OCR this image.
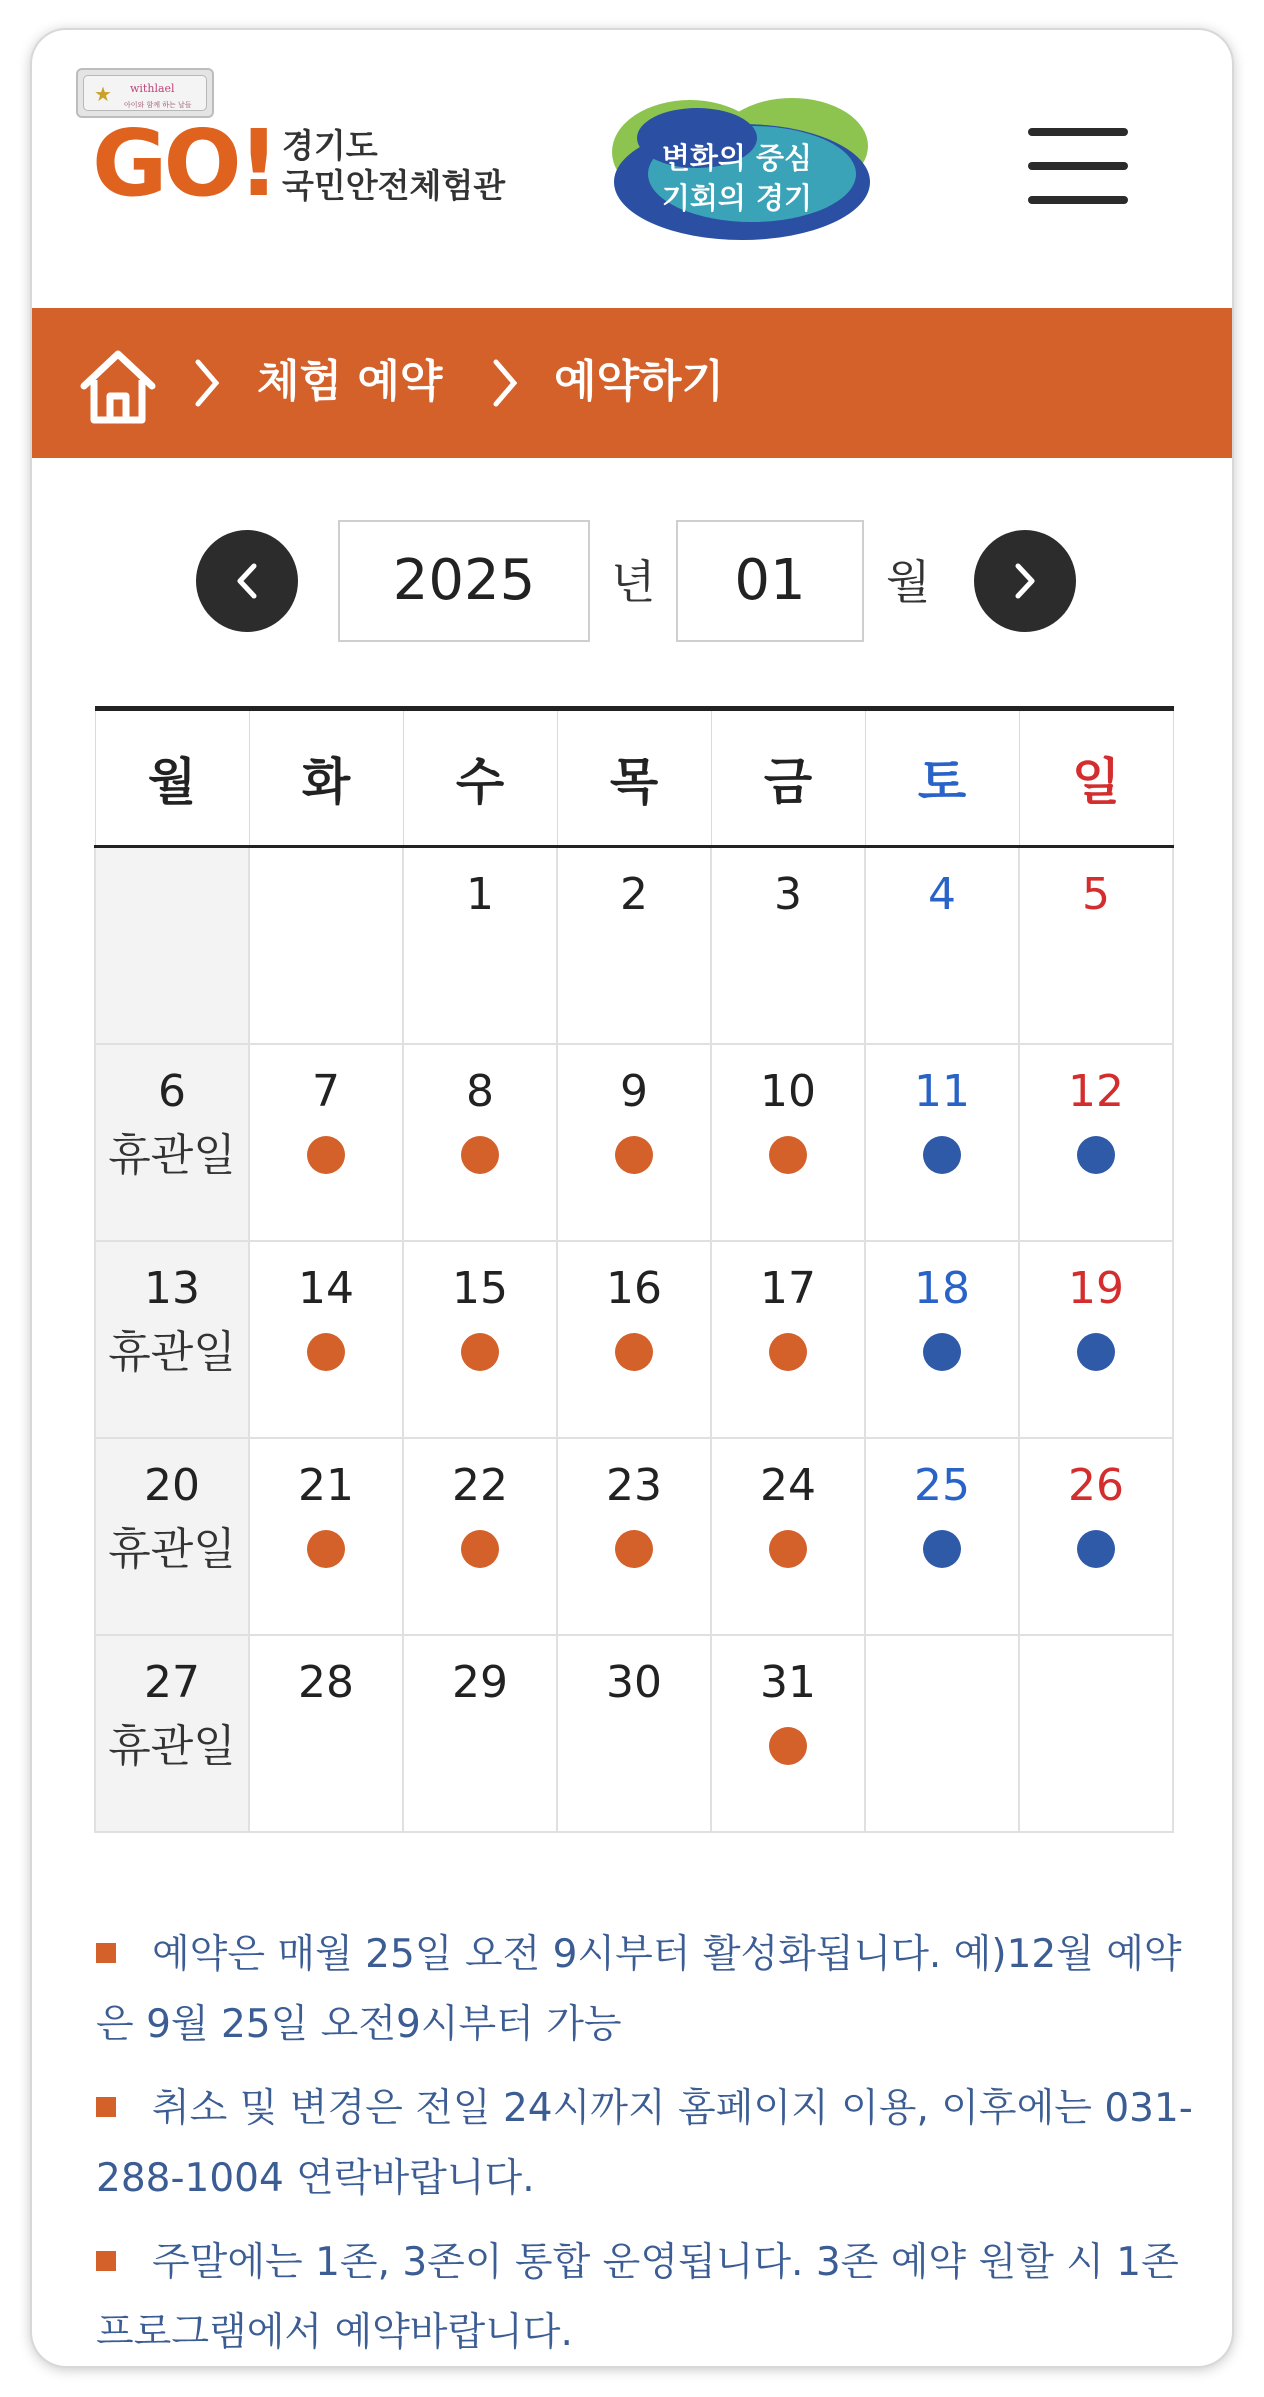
★ withlael
아이와 함께 하는 날들
GO! 경기도
국민안전체험관
변화의 중심
기회의 경기
체험 예약	예약하기
2025	년	01	월
월	화	수	목	금	토	일

		1	2	3	4	5

6
휴관일	7	8	9	10	11	12

13
휴관일	14	15	16	17	18	19

20
휴관일	21	22	23	24	25	26

27
휴관일	28	29	30	31		

예약은 매월 25일 오전 9시부터 활성화됩니다. 예)12월 예약은 9월 25일 오전9시부터 가능
취소 및 변경은 전일 24시까지 홈페이지 이용, 이후에는 031-288-1004 연락바랍니다.
주말에는 1존, 3존이 통합 운영됩니다. 3존 예약 원할 시 1존 프로그램에서 예약바랍니다.
